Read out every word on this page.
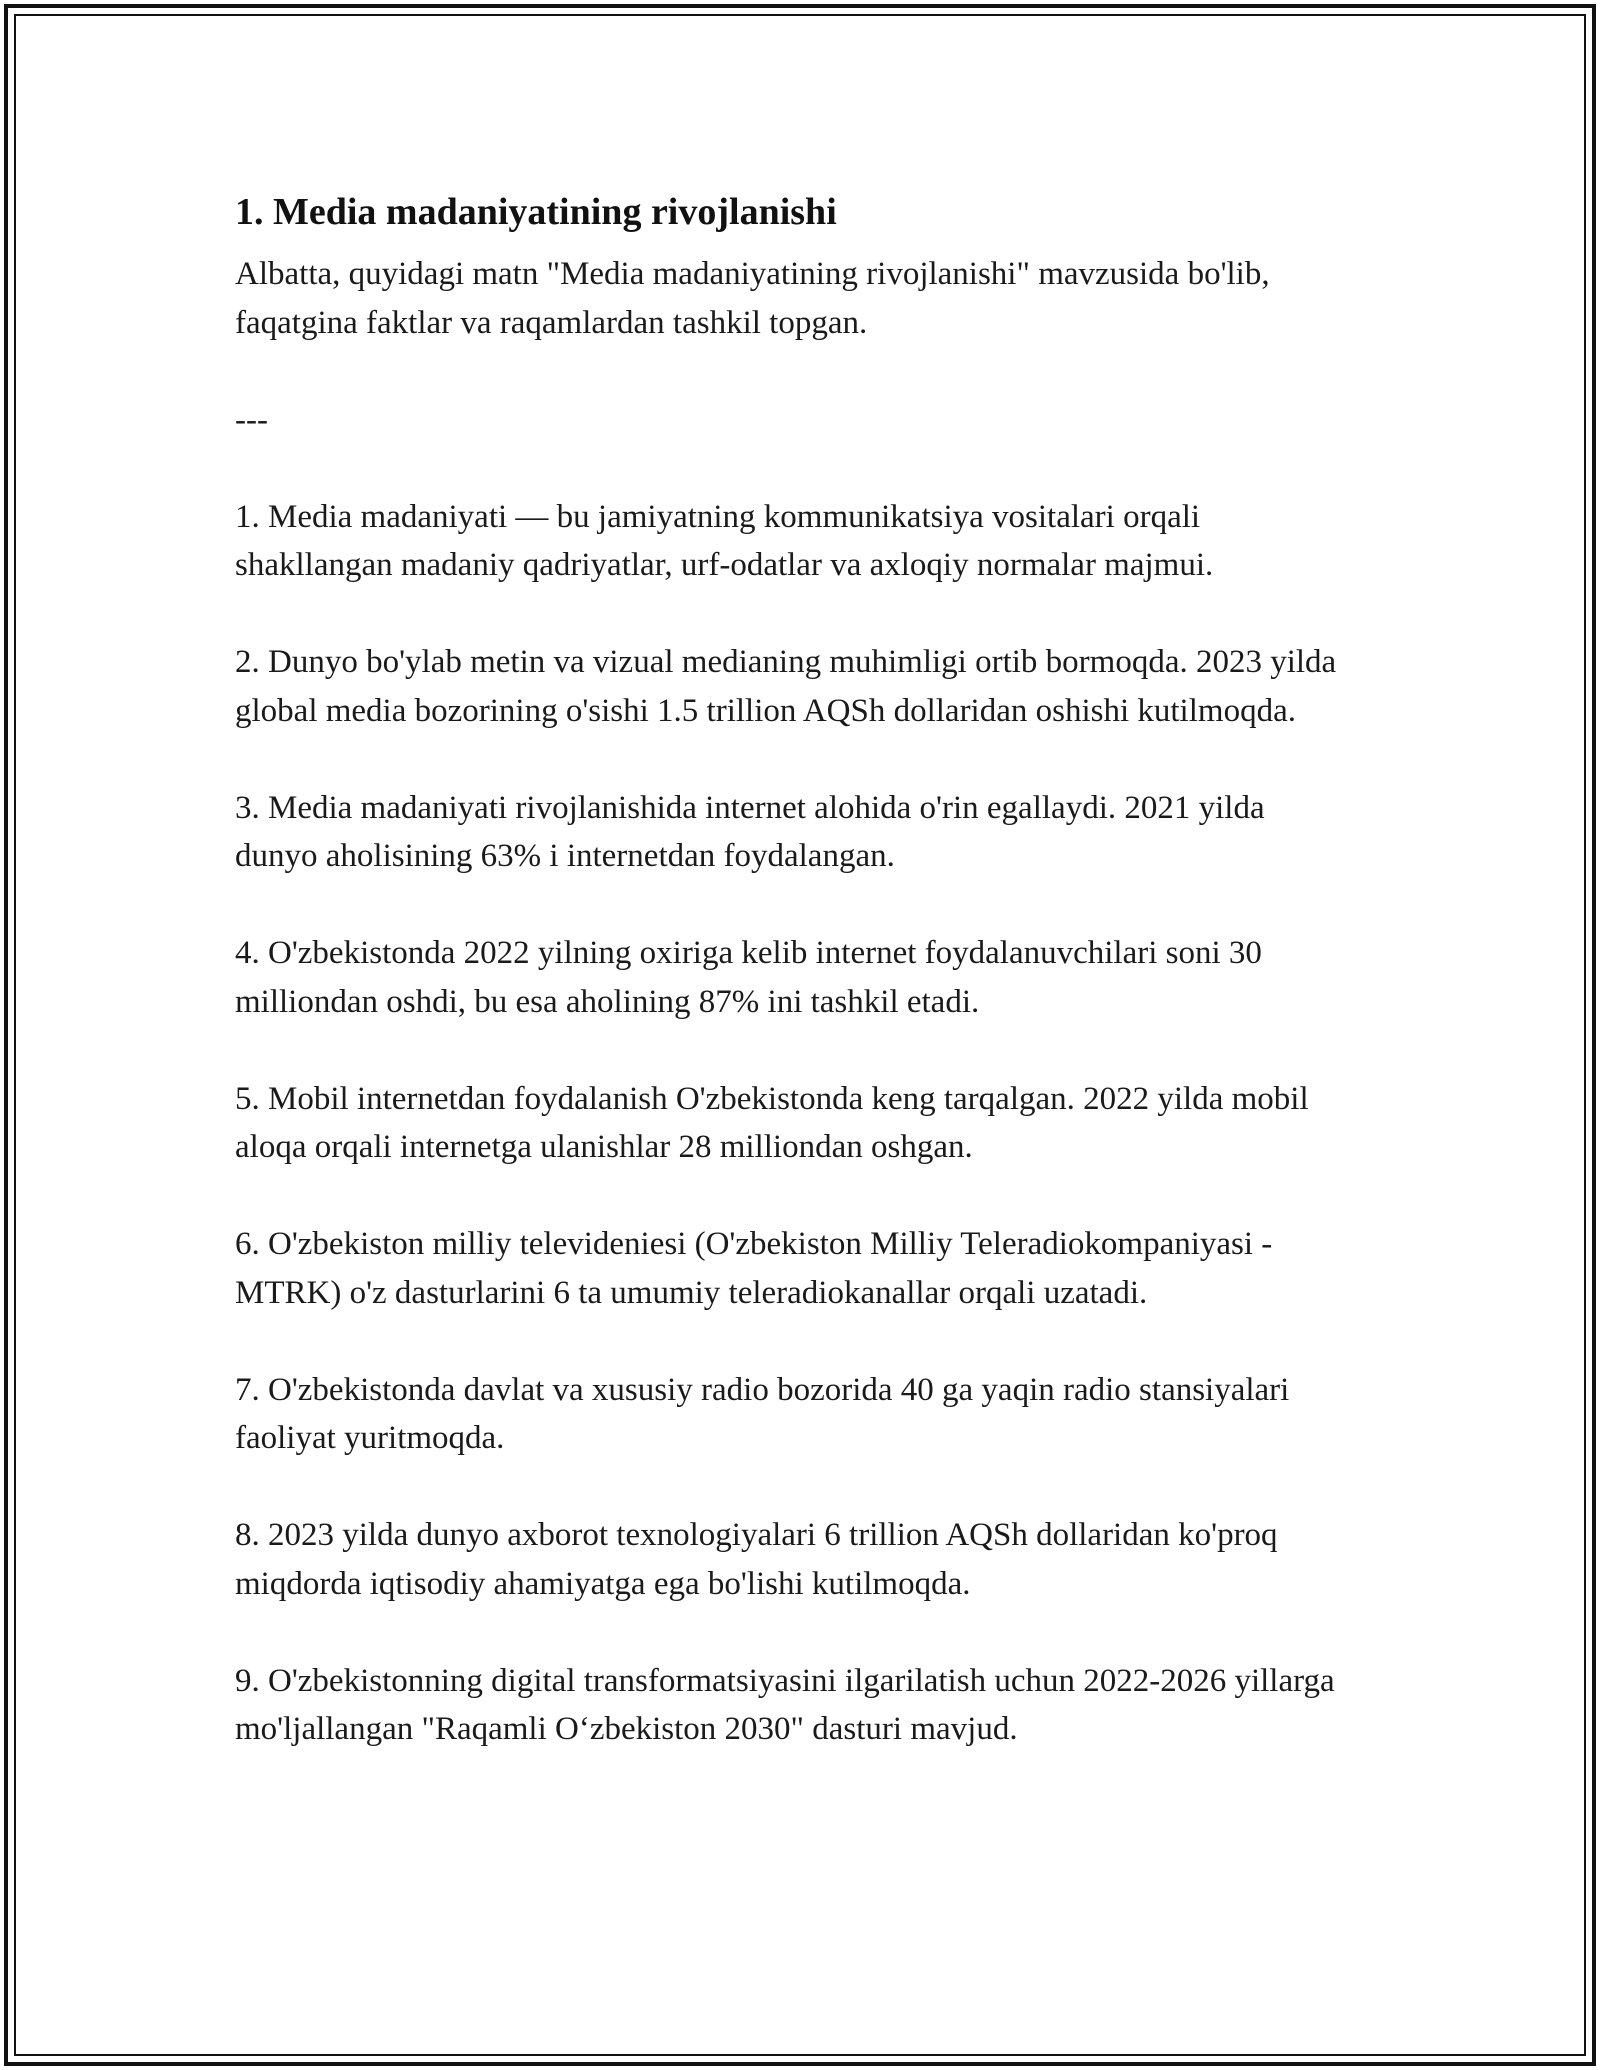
1. Media madaniyatining rivojlanishi

Albatta, quyidagi matn "Media madaniyatining rivojlanishi" mavzusida bo'lib, faqatgina faktlar va raqamlardan tashkil topgan.

---

1. Media madaniyati — bu jamiyatning kommunikatsiya vositalari orqali shakllangan madaniy qadriyatlar, urf-odatlar va axloqiy normalar majmui.

2. Dunyo bo'ylab metin va vizual medianing muhimligi ortib bormoqda. 2023 yilda global media bozorining o'sishi 1.5 trillion AQSh dollaridan oshishi kutilmoqda.

3. Media madaniyati rivojlanishida internet alohida o'rin egallaydi. 2021 yilda dunyo aholisining 63% i internetdan foydalangan.

4. O'zbekistonda 2022 yilning oxiriga kelib internet foydalanuvchilari soni 30 milliondan oshdi, bu esa aholining 87% ini tashkil etadi.

5. Mobil internetdan foydalanish O'zbekistonda keng tarqalgan. 2022 yilda mobil aloqa orqali internetga ulanishlar 28 milliondan oshgan.

6. O'zbekiston milliy televideniesi (O'zbekiston Milliy Teleradiokompaniyasi - MTRK) o'z dasturlarini 6 ta umumiy teleradiokanallar orqali uzatadi.

7. O'zbekistonda davlat va xususiy radio bozorida 40 ga yaqin radio stansiyalari faoliyat yuritmoqda.

8. 2023 yilda dunyo axborot texnologiyalari 6 trillion AQSh dollaridan ko'proq miqdorda iqtisodiy ahamiyatga ega bo'lishi kutilmoqda.

9. O'zbekistonning digital transformatsiyasini ilgarilatish uchun 2022-2026 yillarga mo'ljallangan "Raqamli O‘zbekiston 2030" dasturi mavjud.
